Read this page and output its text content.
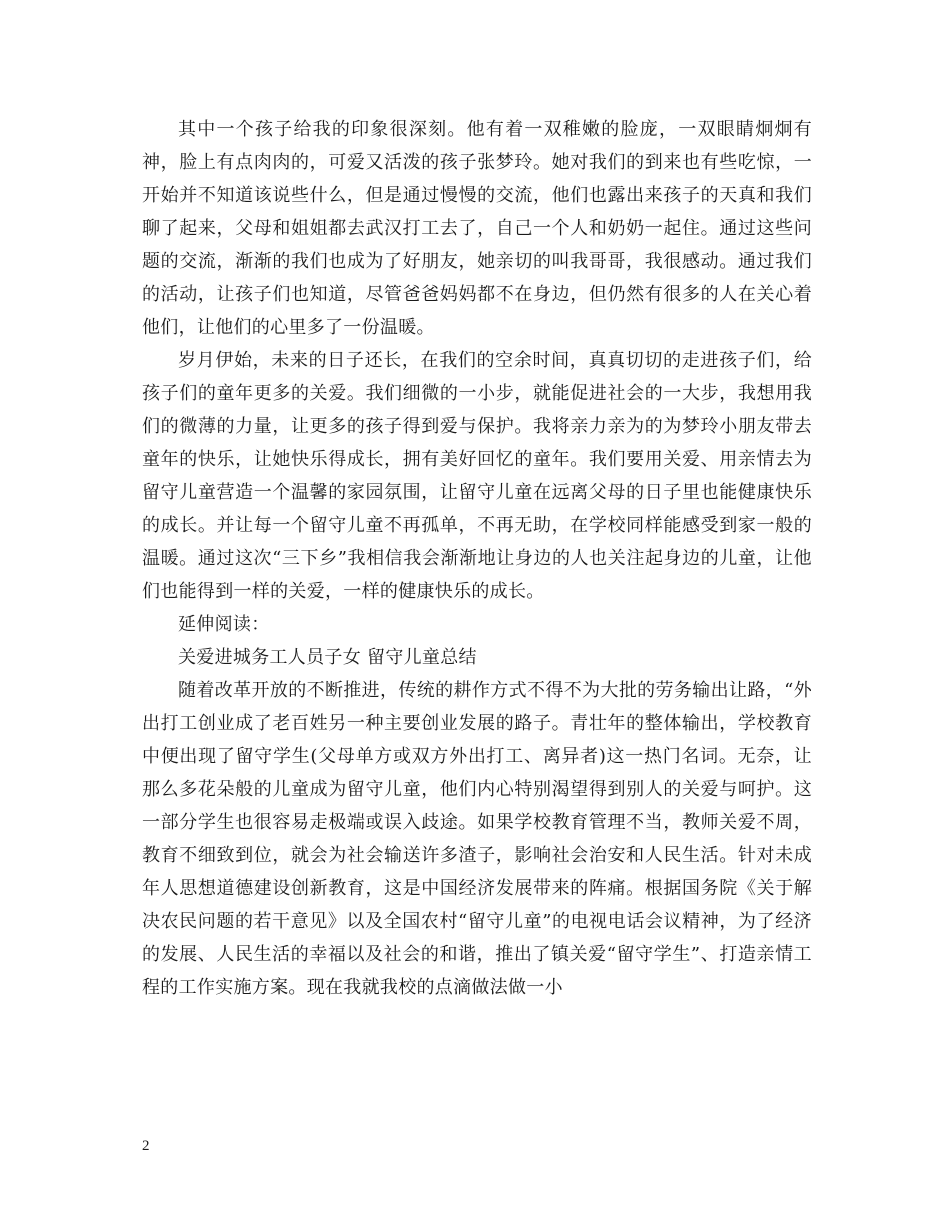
其中一个孩子给我的印象很深刻。他有着一双稚嫩的脸庞，一双眼睛炯炯有神，脸上有点肉肉的，可爱又活泼的孩子张梦玲。她对我们的到来也有些吃惊，一开始并不知道该说些什么，但是通过慢慢的交流，他们也露出来孩子的天真和我们聊了起来，父母和姐姐都去武汉打工去了，自己一个人和奶奶一起住。通过这些问题的交流，渐渐的我们也成为了好朋友，她亲切的叫我哥哥，我很感动。通过我们的活动，让孩子们也知道，尽管爸爸妈妈都不在身边，但仍然有很多的人在关心着他们，让他们的心里多了一份温暖。

岁月伊始，未来的日子还长，在我们的空余时间，真真切切的走进孩子们，给孩子们的童年更多的关爱。我们细微的一小步，就能促进社会的一大步，我想用我们的微薄的力量，让更多的孩子得到爱与保护。我将亲力亲为的为梦玲小朋友带去童年的快乐，让她快乐得成长，拥有美好回忆的童年。我们要用关爱、用亲情去为留守儿童营造一个温馨的家园氛围，让留守儿童在远离父母的日子里也能健康快乐的成长。并让每一个留守儿童不再孤单，不再无助，在学校同样能感受到家一般的温暖。通过这次“三下乡”我相信我会渐渐地让身边的人也关注起身边的儿童，让他们也能得到一样的关爱，一样的健康快乐的成长。

延伸阅读：

关爱进城务工人员子女 留守儿童总结

随着改革开放的不断推进，传统的耕作方式不得不为大批的劳务输出让路，“外出打工创业成了老百姓另一种主要创业发展的路子。青壮年的整体输出，学校教育中便出现了留守学生(父母单方或双方外出打工、离异者)这一热门名词。无奈，让那么多花朵般的儿童成为留守儿童，他们内心特别渴望得到别人的关爱与呵护。这一部分学生也很容易走极端或误入歧途。如果学校教育管理不当，教师关爱不周，教育不细致到位，就会为社会输送许多渣子，影响社会治安和人民生活。针对未成年人思想道德建设创新教育，这是中国经济发展带来的阵痛。根据国务院《关于解决农民问题的若干意见》以及全国农村“留守儿童”的电视电话会议精神，为了经济的发展、人民生活的幸福以及社会的和谐，推出了镇关爱“留守学生”、打造亲情工程的工作实施方案。现在我就我校的点滴做法做一小

2
